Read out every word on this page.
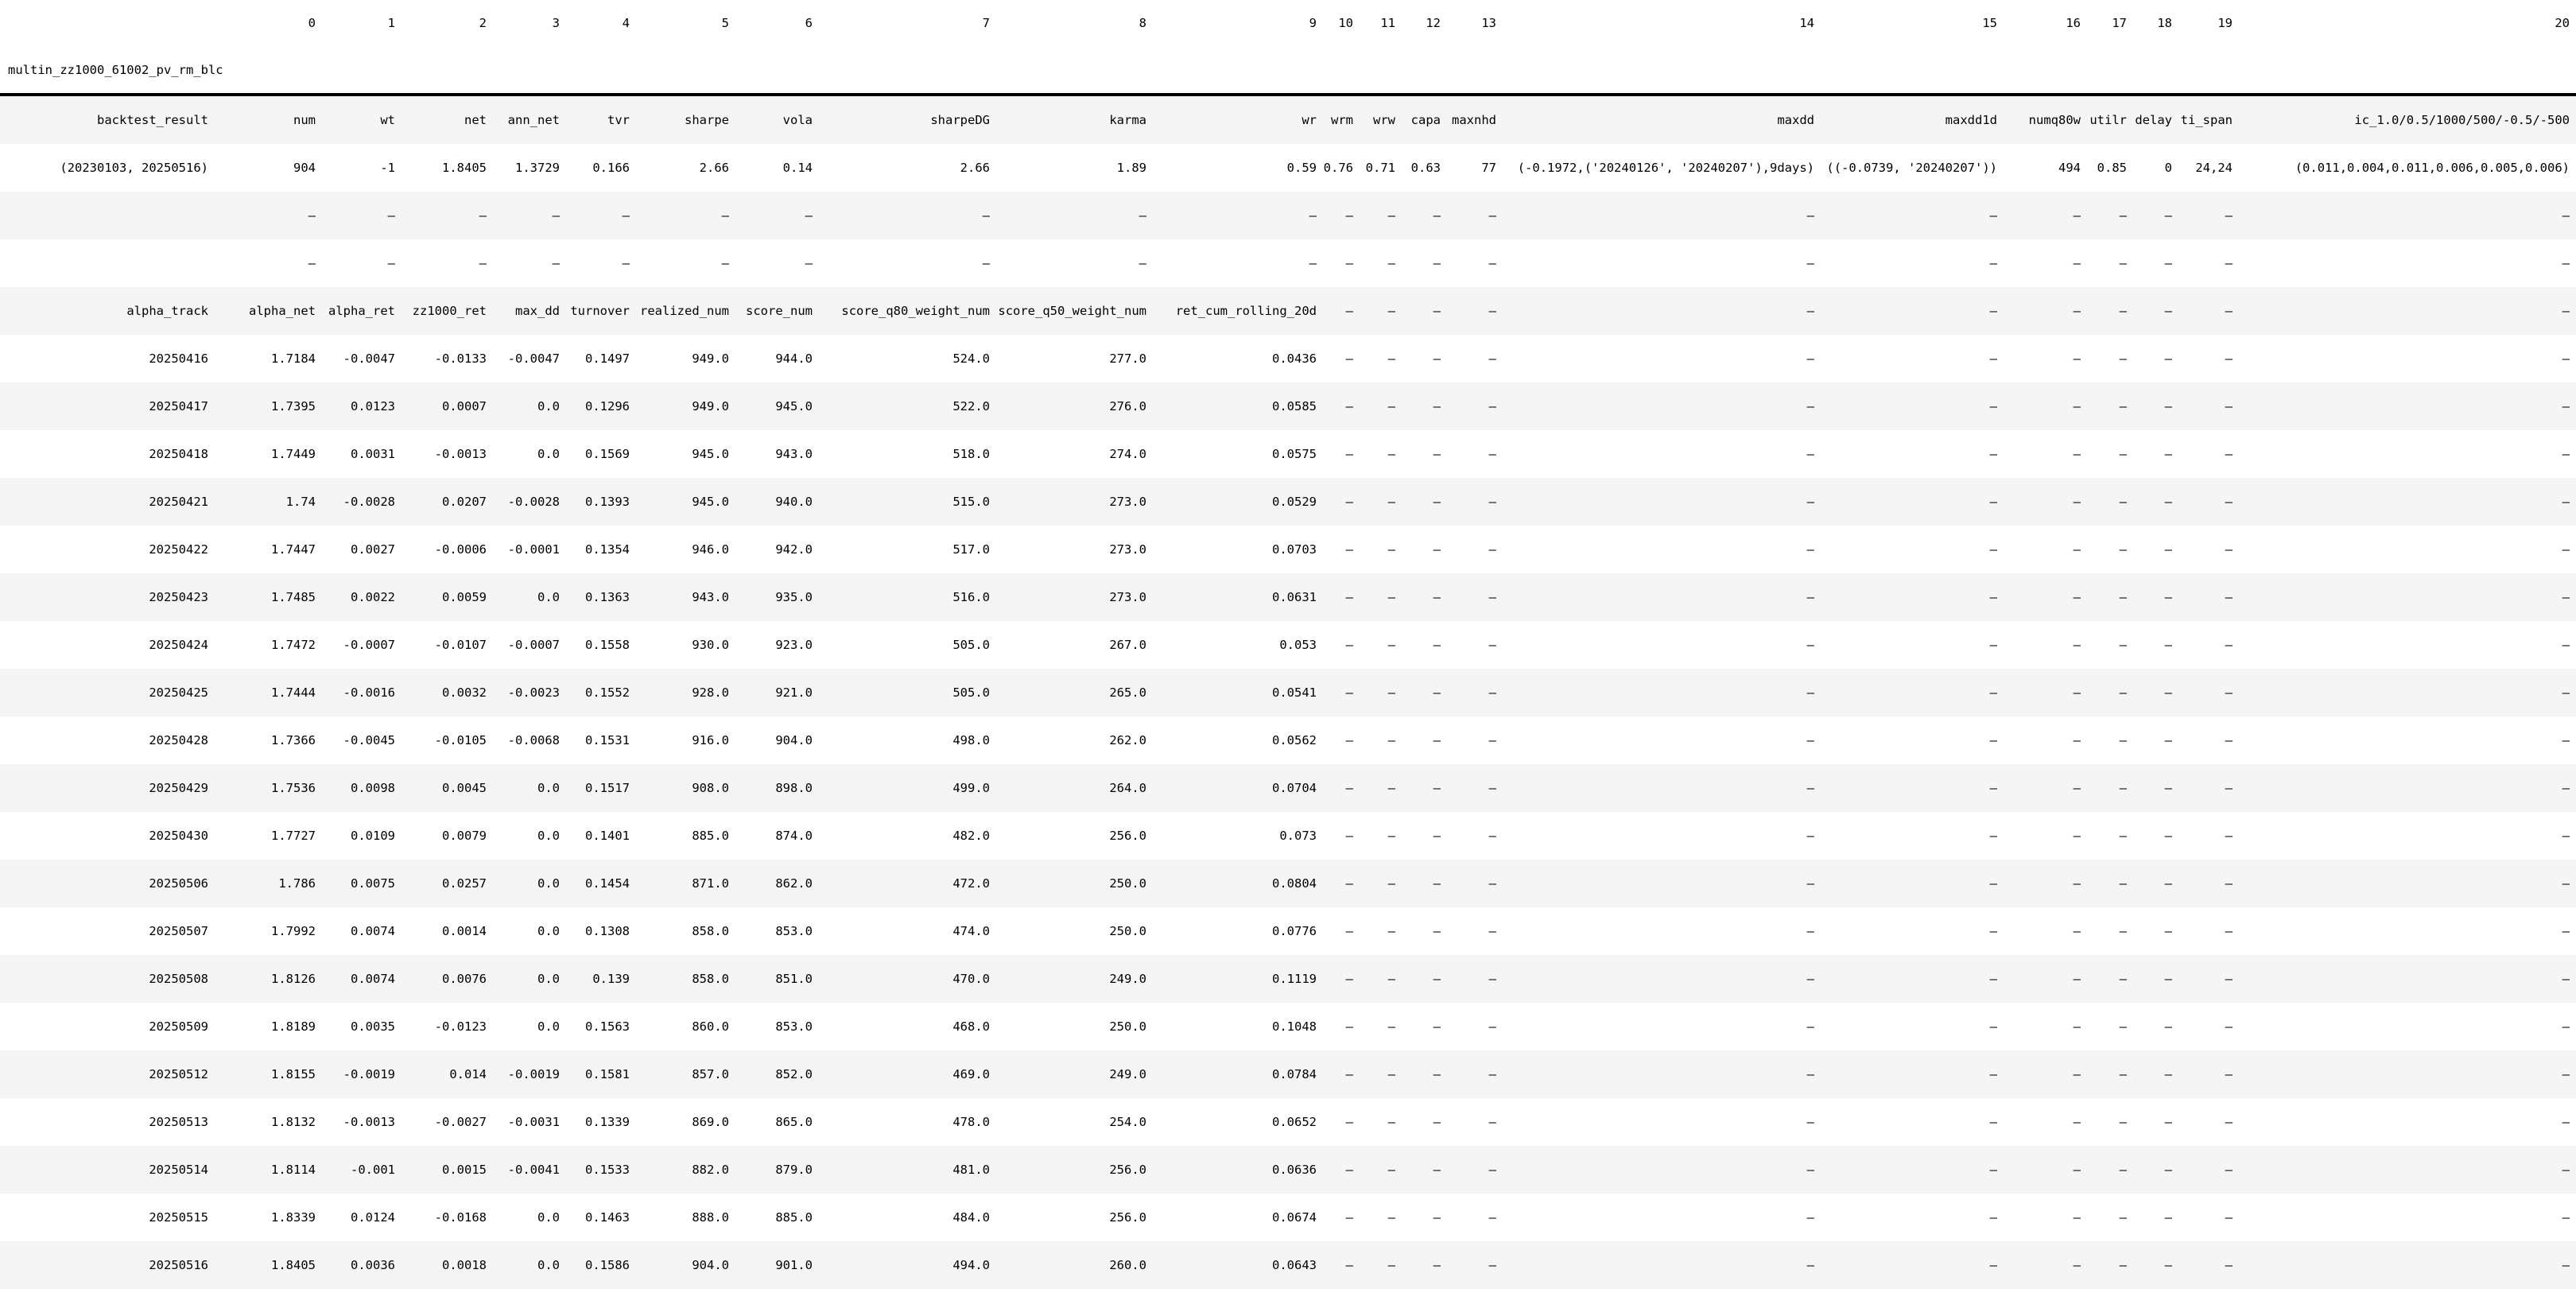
	0	1	2	3	4	5	6	7	8	9	10	11	12	13	14	15	16	17	18	19	20
multin_zz1000_61002_pv_rm_blc																					
backtest_result	num	wt	net	ann_net	tvr	sharpe	vola	sharpeDG	karma	wr	wrm	wrw	capa	maxnhd	maxdd	maxdd1d	numq80w	utilr	delay	ti_span	ic_1.0/0.5/1000/500/-0.5/-500
(20230103, 20250516)	904	-1	1.8405	1.3729	0.166	2.66	0.14	2.66	1.89	0.59	0.76	0.71	0.63	77	(-0.1972,('20240126', '20240207'),9days)	((-0.0739, '20240207'))	494	0.85	0	24,24	(0.011,0.004,0.011,0.006,0.005,0.006)
	—	—	—	—	—	—	—	—	—	—	—	—	—	—	—	—	—	—	—	—	—
	—	—	—	—	—	—	—	—	—	—	—	—	—	—	—	—	—	—	—	—	—
alpha_track	alpha_net	alpha_ret	zz1000_ret	max_dd	turnover	realized_num	score_num	score_q80_weight_num	score_q50_weight_num	ret_cum_rolling_20d	—	—	—	—	—	—	—	—	—	—	—
20250416	1.7184	-0.0047	-0.0133	-0.0047	0.1497	949.0	944.0	524.0	277.0	0.0436	—	—	—	—	—	—	—	—	—	—	—
20250417	1.7395	0.0123	0.0007	0.0	0.1296	949.0	945.0	522.0	276.0	0.0585	—	—	—	—	—	—	—	—	—	—	—
20250418	1.7449	0.0031	-0.0013	0.0	0.1569	945.0	943.0	518.0	274.0	0.0575	—	—	—	—	—	—	—	—	—	—	—
20250421	1.74	-0.0028	0.0207	-0.0028	0.1393	945.0	940.0	515.0	273.0	0.0529	—	—	—	—	—	—	—	—	—	—	—
20250422	1.7447	0.0027	-0.0006	-0.0001	0.1354	946.0	942.0	517.0	273.0	0.0703	—	—	—	—	—	—	—	—	—	—	—
20250423	1.7485	0.0022	0.0059	0.0	0.1363	943.0	935.0	516.0	273.0	0.0631	—	—	—	—	—	—	—	—	—	—	—
20250424	1.7472	-0.0007	-0.0107	-0.0007	0.1558	930.0	923.0	505.0	267.0	0.053	—	—	—	—	—	—	—	—	—	—	—
20250425	1.7444	-0.0016	0.0032	-0.0023	0.1552	928.0	921.0	505.0	265.0	0.0541	—	—	—	—	—	—	—	—	—	—	—
20250428	1.7366	-0.0045	-0.0105	-0.0068	0.1531	916.0	904.0	498.0	262.0	0.0562	—	—	—	—	—	—	—	—	—	—	—
20250429	1.7536	0.0098	0.0045	0.0	0.1517	908.0	898.0	499.0	264.0	0.0704	—	—	—	—	—	—	—	—	—	—	—
20250430	1.7727	0.0109	0.0079	0.0	0.1401	885.0	874.0	482.0	256.0	0.073	—	—	—	—	—	—	—	—	—	—	—
20250506	1.786	0.0075	0.0257	0.0	0.1454	871.0	862.0	472.0	250.0	0.0804	—	—	—	—	—	—	—	—	—	—	—
20250507	1.7992	0.0074	0.0014	0.0	0.1308	858.0	853.0	474.0	250.0	0.0776	—	—	—	—	—	—	—	—	—	—	—
20250508	1.8126	0.0074	0.0076	0.0	0.139	858.0	851.0	470.0	249.0	0.1119	—	—	—	—	—	—	—	—	—	—	—
20250509	1.8189	0.0035	-0.0123	0.0	0.1563	860.0	853.0	468.0	250.0	0.1048	—	—	—	—	—	—	—	—	—	—	—
20250512	1.8155	-0.0019	0.014	-0.0019	0.1581	857.0	852.0	469.0	249.0	0.0784	—	—	—	—	—	—	—	—	—	—	—
20250513	1.8132	-0.0013	-0.0027	-0.0031	0.1339	869.0	865.0	478.0	254.0	0.0652	—	—	—	—	—	—	—	—	—	—	—
20250514	1.8114	-0.001	0.0015	-0.0041	0.1533	882.0	879.0	481.0	256.0	0.0636	—	—	—	—	—	—	—	—	—	—	—
20250515	1.8339	0.0124	-0.0168	0.0	0.1463	888.0	885.0	484.0	256.0	0.0674	—	—	—	—	—	—	—	—	—	—	—
20250516	1.8405	0.0036	0.0018	0.0	0.1586	904.0	901.0	494.0	260.0	0.0643	—	—	—	—	—	—	—	—	—	—	—
